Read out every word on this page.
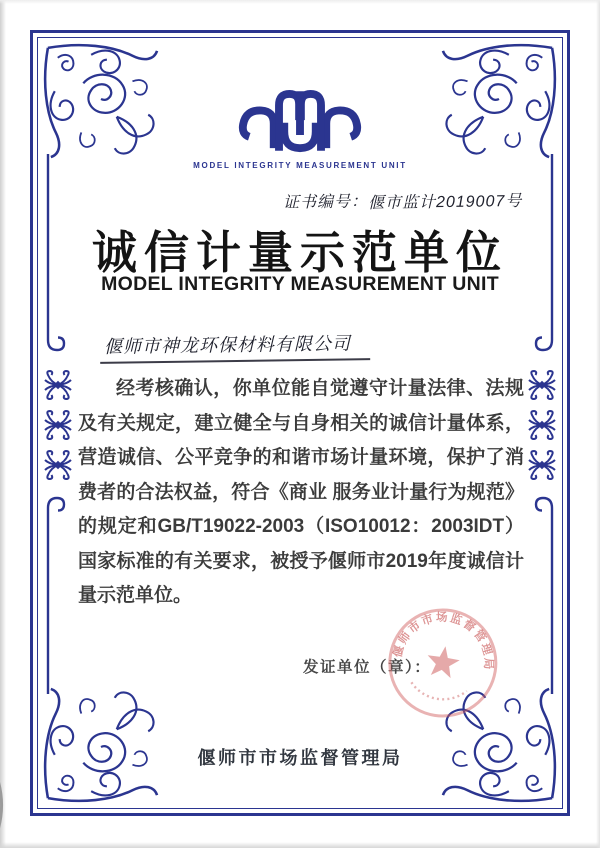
MODEL INTEGRITY MEASUREMENT UNIT
证书编号：偃市监计2019007号
诚信计量示范单位
MODEL INTEGRITY MEASUREMENT UNIT
偃师市神龙环保材料有限公司

经考核确认，你单位能自觉遵守计量法律、法规及有关规定，建立健全与自身相关的诚信计量体系，营造诚信、公平竞争的和谐市场计量环境，保护了消费者的合法权益，符合《商业 服务业计量行为规范》的规定和GB/T19022-2003（ISO10012：2003IDT）国家标准的有关要求，被授予偃师市2019年度诚信计量示范单位。

发证单位（章）：
偃师市市场监督管理局
偃师市市场监督管理局
